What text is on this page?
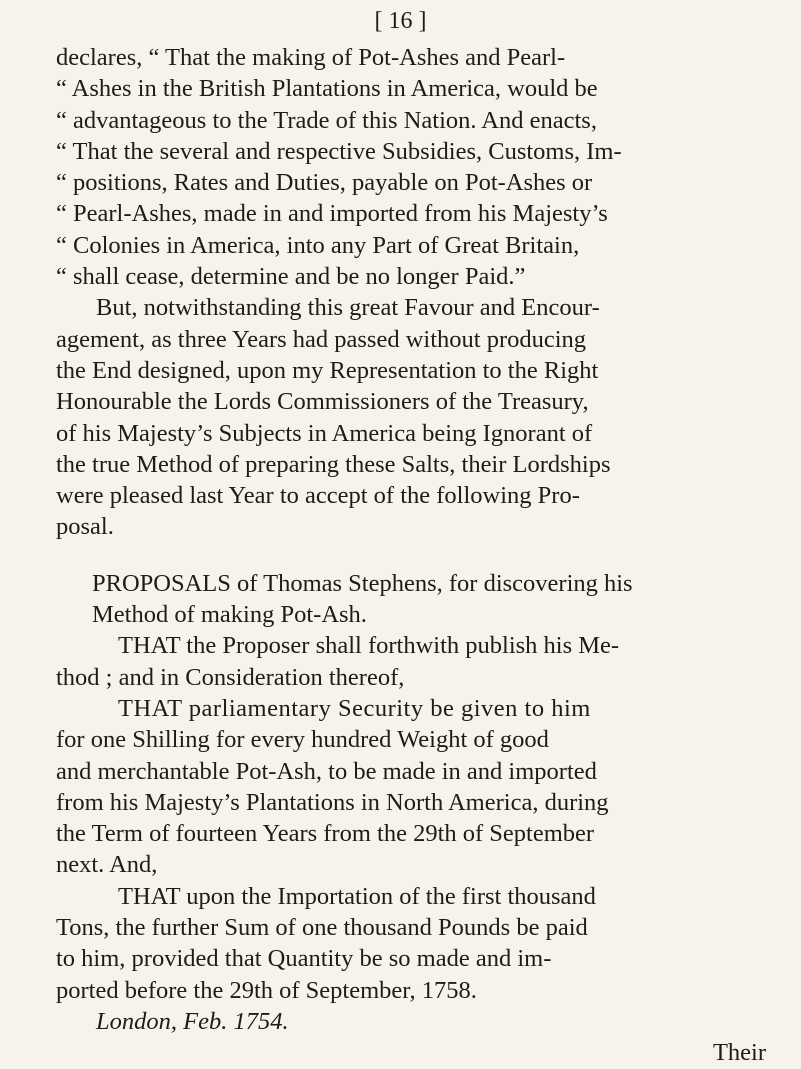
[ 16 ]
declares, “ That the making of Pot-Ashes and Pearl-
“ Ashes in the British Plantations in America, would be
“ advantageous to the Trade of this Nation. And enacts,
“ That the several and respective Subsidies, Customs, Im-
“ positions, Rates and Duties, payable on Pot-Ashes or
“ Pearl-Ashes, made in and imported from his Majesty’s
“ Colonies in America, into any Part of Great Britain,
“ shall cease, determine and be no longer Paid.”
But, notwithstanding this great Favour and Encour-
agement, as three Years had passed without producing
the End designed, upon my Representation to the Right
Honourable the Lords Commissioners of the Treasury,
of his Majesty’s Subjects in America being Ignorant of
the true Method of preparing these Salts, their Lordships
were pleased last Year to accept of the following Pro-
posal.
PROPOSALS of Thomas Stephens, for discovering his
Method of making Pot-Ash.
THAT the Proposer shall forthwith publish his Me-
thod ; and in Consideration thereof,
THAT parliamentary Security be given to him
for one Shilling for every hundred Weight of good
and merchantable Pot-Ash, to be made in and imported
from his Majesty’s Plantations in North America, during
the Term of fourteen Years from the 29th of September
next. And,
THAT upon the Importation of the first thousand
Tons, the further Sum of one thousand Pounds be paid
to him, provided that Quantity be so made and im-
ported before the 29th of September, 1758.
London, Feb. 1754.
Their
